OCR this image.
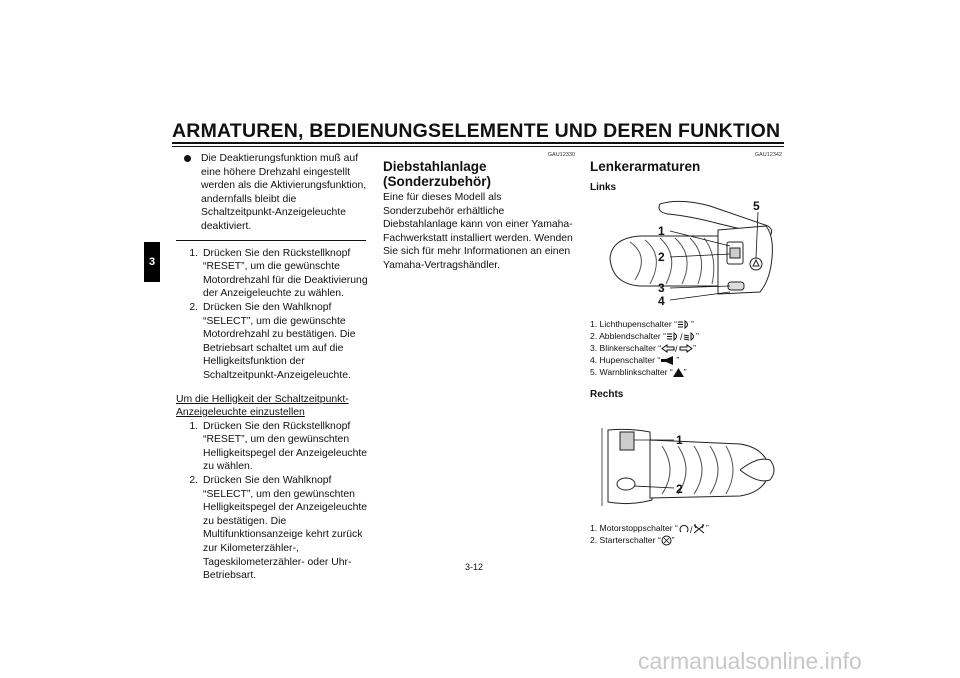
ARMATUREN, BEDIENUNGSELEMENTE UND DEREN FUNKTION
3
Die Deaktierungsfunktion muß auf eine höhere Drehzahl eingestellt werden als die Aktivierungsfunktion, andernfalls bleibt die Schaltzeitpunkt-Anzeigeleuchte deaktiviert.
1. Drücken Sie den Rückstellknopf “RESET”, um die gewünschte Motordrehzahl für die Deaktivierung der Anzeigeleuchte zu wählen.
2. Drücken Sie den Wahlknopf “SELECT”, um die gewünschte Motordrehzahl zu bestätigen. Die Betriebsart schaltet um auf die Helligkeitsfunktion der Schaltzeitpunkt-Anzeigeleuchte.
Um die Helligkeit der Schaltzeitpunkt-Anzeigeleuchte einzustellen
1. Drücken Sie den Rückstellknopf “RESET”, um den gewünschten Helligkeitspegel der Anzeigeleuchte zu wählen.
2. Drücken Sie den Wahlknopf “SELECT”, um den gewünschten Helligkeitspegel der Anzeigeleuchte zu bestätigen. Die Multifunktionsanzeige kehrt zurück zur Kilometerzähler-, Tageskilometerzähler- oder Uhr-Betriebsart.
GAU12330
Diebstahlanlage (Sonderzubehör)
Eine für dieses Modell als Sonderzubehör erhältliche Diebstahlanlage kann von einer Yamaha-Fachwerkstatt installiert werden. Wenden Sie sich für mehr Informationen an einen Yamaha-Vertragshändler.
GAU12342
Lenkerarmaturen
Links
1
2
3
4
5
1. Lichthupenschalter “ ”
2. Abblendschalter “ / ”
3. Blinkerschalter “ / ”
4. Hupenschalter “ ”
5. Warnblinkschalter “ ”
Rechts
1
2
1. Motorstoppschalter “ / ”
2. Starterschalter “ ”
3-12
carmanualsonline.info
